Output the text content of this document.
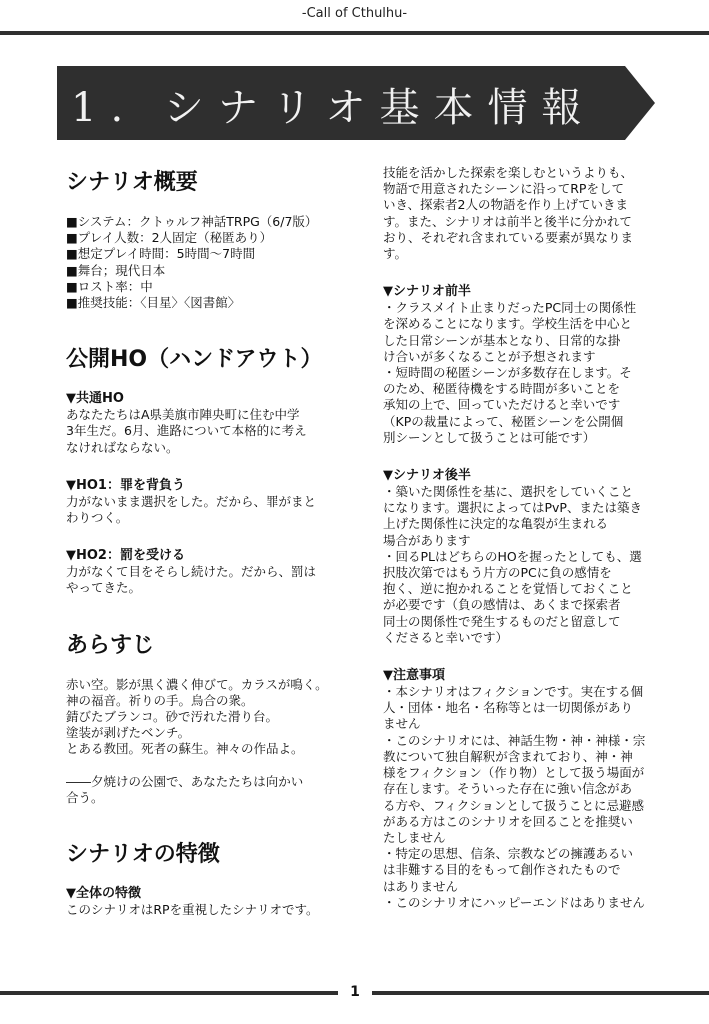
-Call of Cthulhu-
1. シナリオ基本情報
シナリオ概要
■システム：クトゥルフ神話TRPG（6/7版）
■プレイ人数：2人固定（秘匿あり）
■想定プレイ時間：5時間〜7時間
■舞台；現代日本
■ロスト率：中
■推奨技能：〈目星〉〈図書館〉
公開HO（ハンドアウト）

▼共通HO

あなたたちはA県美旗市陣央町に住む中学
3年生だ。6月、進路について本格的に考え
なければならない。

▼HO1：罪を背負う

力がないまま選択をした。だから、罪がまと
わりつく。

▼HO2：罰を受ける

力がなくて目をそらし続けた。だから、罰は
やってきた。
あらすじ
赤い空。影が黒く濃く伸びて。カラスが鳴く。
神の福音。祈りの手。烏合の衆。
錆びたブランコ。砂で汚れた滑り台。
塗装が剥げたベンチ。
とある教団。死者の蘇生。神々の作品よ。
――夕焼けの公園で、あなたたちは向かい
合う。
シナリオの特徴

▼全体の特徴

このシナリオはRPを重視したシナリオです。
技能を活かした探索を楽しむというよりも、
物語で用意されたシーンに沿ってRPをして
いき、探索者2人の物語を作り上げていきま
す。また、シナリオは前半と後半に分かれて
おり、それぞれ含まれている要素が異なりま
す。

▼シナリオ前半

・クラスメイト止まりだったPC同士の関係性
を深めることになります。学校生活を中心と
した日常シーンが基本となり、日常的な掛
け合いが多くなることが予想されます
・短時間の秘匿シーンが多数存在します。そ
のため、秘匿待機をする時間が多いことを
承知の上で、回っていただけると幸いです
（KPの裁量によって、秘匿シーンを公開個
別シーンとして扱うことは可能です）

▼シナリオ後半

・築いた関係性を基に、選択をしていくこと
になります。選択によってはPvP、または築き
上げた関係性に決定的な亀裂が生まれる
場合があります
・回るPLはどちらのHOを握ったとしても、選
択肢次第ではもう片方のPCに負の感情を
抱く、逆に抱かれることを覚悟しておくこと
が必要です（負の感情は、あくまで探索者
同士の関係性で発生するものだと留意して
くださると幸いです）

▼注意事項

・本シナリオはフィクションです。実在する個
人・団体・地名・名称等とは一切関係があり
ません
・このシナリオには、神話生物・神・神様・宗
教について独自解釈が含まれており、神・神
様をフィクション（作り物）として扱う場面が
存在します。そういった存在に強い信念があ
る方や、フィクションとして扱うことに忌避感
がある方はこのシナリオを回ることを推奨い
たしません
・特定の思想、信条、宗教などの擁護あるい
は非難する目的をもって創作されたもので
はありません
・このシナリオにハッピーエンドはありません
1
